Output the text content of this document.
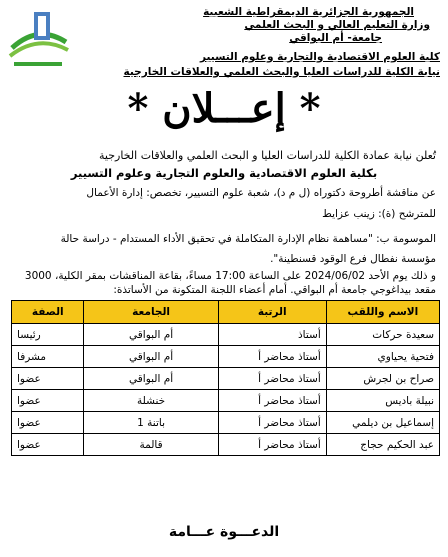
الجمهورية الجزائرية الديمقراطية الشعبية
وزارة التعليم العالي و البحث العلمي
جامعة- أم البواقي
كلية العلوم الاقتصادية والتجارية وعلوم التسيير
نيابة الكلية للدراسات العليا والبحث العلمي والعلاقات الخارجية
* إعـــلان *
تُعلن نيابة عمادة الكلية للدراسات العليا و البحث العلمي والعلاقات الخارجية
بكلية العلوم الاقتصادية والعلوم التجارية وعلوم التسيير
عن مناقشة أطروحة دكتوراه (ل م د)، شعبة علوم التسيير، تخصص: إدارة الأعمال
للمترشح (ة): زينب عزايط
الموسومة ب: "مساهمة نظام الإدارة المتكاملة في تحقيق الأداء المستدام - دراسة حالة
مؤسسة نفطال فرع الوقود قسنطينة".
و ذلك يوم الأحد 2024/06/02 على الساعة 17:00 مساءً، بقاعة المناقشات بمقر الكلية، 3000
مقعد بيداغوجي جامعة أم البواقي. أمام أعضاء اللجنة المتكونة من الأساتذة:
الاسم واللقب	الرتبة	الجامعة	الصفة
سعيدة حركات	أستاذ	أم البواقي	رئيسا
فتحية يحياوي	أستاذ محاضر أ	أم البواقي	مشرفا
صراح بن لجرش	أستاذ محاضر أ	أم البواقي	عضوا
نبيلة باديس	أستاذ محاضر أ	خنشلة	عضوا
إسماعيل بن ديلمي	أستاذ محاضر أ	باتنة 1	عضوا
عبد الحكيم حجاج	أستاذ محاضر أ	قالمة	عضوا
الدعـــوة عـــامة
